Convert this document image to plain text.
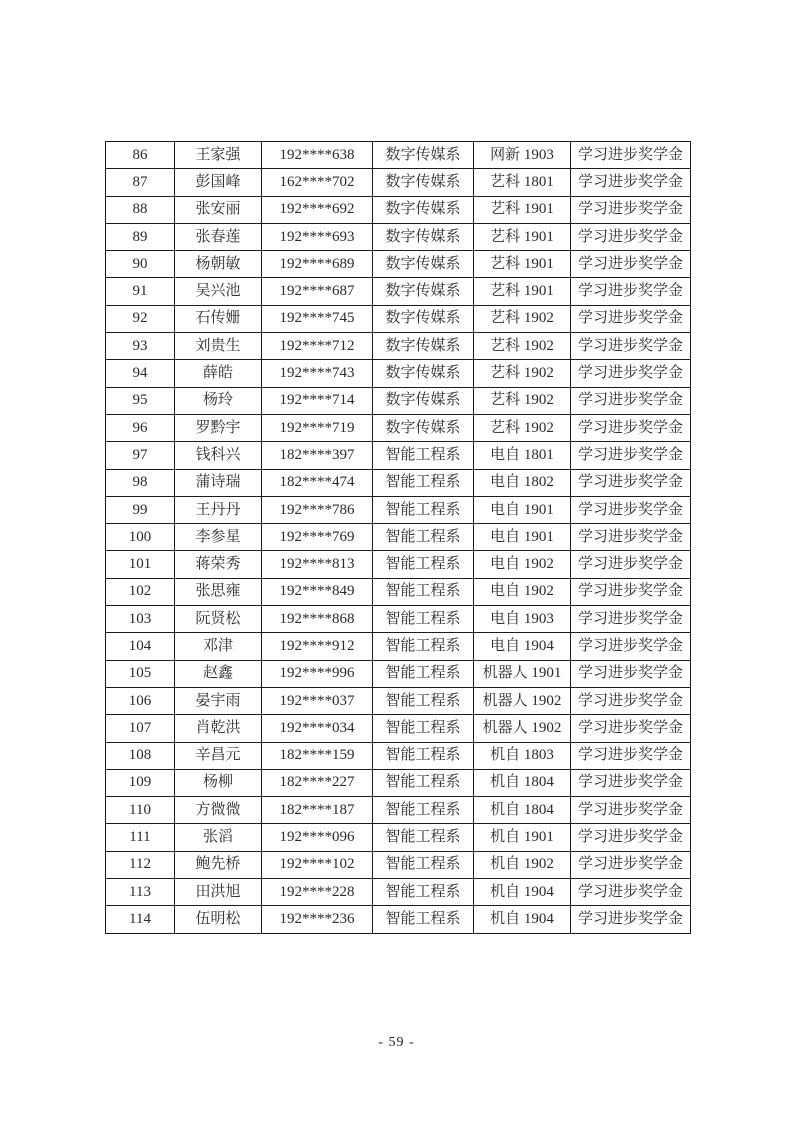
86	王家强	192****638	数字传媒系	网新 1903	学习进步奖学金
87	彭国峰	162****702	数字传媒系	艺科 1801	学习进步奖学金
88	张安丽	192****692	数字传媒系	艺科 1901	学习进步奖学金
89	张春莲	192****693	数字传媒系	艺科 1901	学习进步奖学金
90	杨朝敏	192****689	数字传媒系	艺科 1901	学习进步奖学金
91	吴兴池	192****687	数字传媒系	艺科 1901	学习进步奖学金
92	石传姗	192****745	数字传媒系	艺科 1902	学习进步奖学金
93	刘贵生	192****712	数字传媒系	艺科 1902	学习进步奖学金
94	薛皓	192****743	数字传媒系	艺科 1902	学习进步奖学金
95	杨玲	192****714	数字传媒系	艺科 1902	学习进步奖学金
96	罗黔宇	192****719	数字传媒系	艺科 1902	学习进步奖学金
97	钱科兴	182****397	智能工程系	电自 1801	学习进步奖学金
98	蒲诗瑞	182****474	智能工程系	电自 1802	学习进步奖学金
99	王丹丹	192****786	智能工程系	电自 1901	学习进步奖学金
100	李参星	192****769	智能工程系	电自 1901	学习进步奖学金
101	蒋荣秀	192****813	智能工程系	电自 1902	学习进步奖学金
102	张思雍	192****849	智能工程系	电自 1902	学习进步奖学金
103	阮贤松	192****868	智能工程系	电自 1903	学习进步奖学金
104	邓津	192****912	智能工程系	电自 1904	学习进步奖学金
105	赵鑫	192****996	智能工程系	机器人 1901	学习进步奖学金
106	晏宇雨	192****037	智能工程系	机器人 1902	学习进步奖学金
107	肖乾洪	192****034	智能工程系	机器人 1902	学习进步奖学金
108	辛昌元	182****159	智能工程系	机自 1803	学习进步奖学金
109	杨柳	182****227	智能工程系	机自 1804	学习进步奖学金
110	方微微	182****187	智能工程系	机自 1804	学习进步奖学金
111	张滔	192****096	智能工程系	机自 1901	学习进步奖学金
112	鲍先桥	192****102	智能工程系	机自 1902	学习进步奖学金
113	田洪旭	192****228	智能工程系	机自 1904	学习进步奖学金
114	伍明松	192****236	智能工程系	机自 1904	学习进步奖学金
- 59 -
